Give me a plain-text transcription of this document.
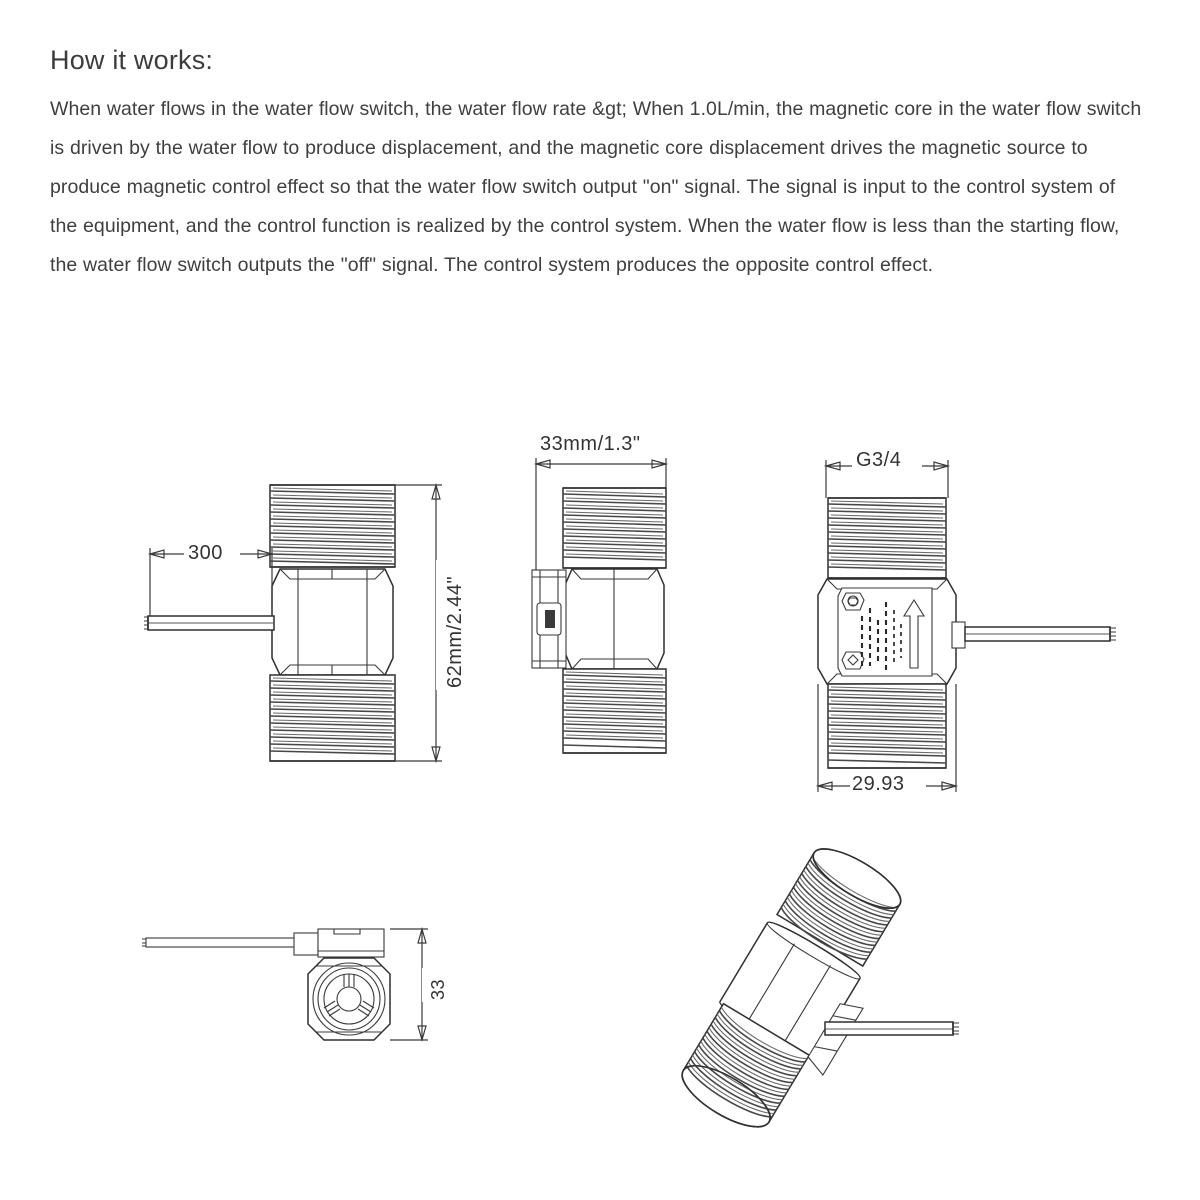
How it works:

When water flows in the water flow switch, the water flow rate &gt; When 1.0L/min, the magnetic core in the water flow switch is driven by the water flow to produce displacement, and the magnetic core displacement drives the magnetic source to produce magnetic control effect so that the water flow switch output "on" signal. The signal is input to the control system of the equipment, and the control function is realized by the control system. When the water flow is less than the starting flow, the water flow switch outputs the "off" signal. The control system produces the opposite control effect.

300
62mm/2.44"
33mm/1.3"
G3/4
29.93
33
